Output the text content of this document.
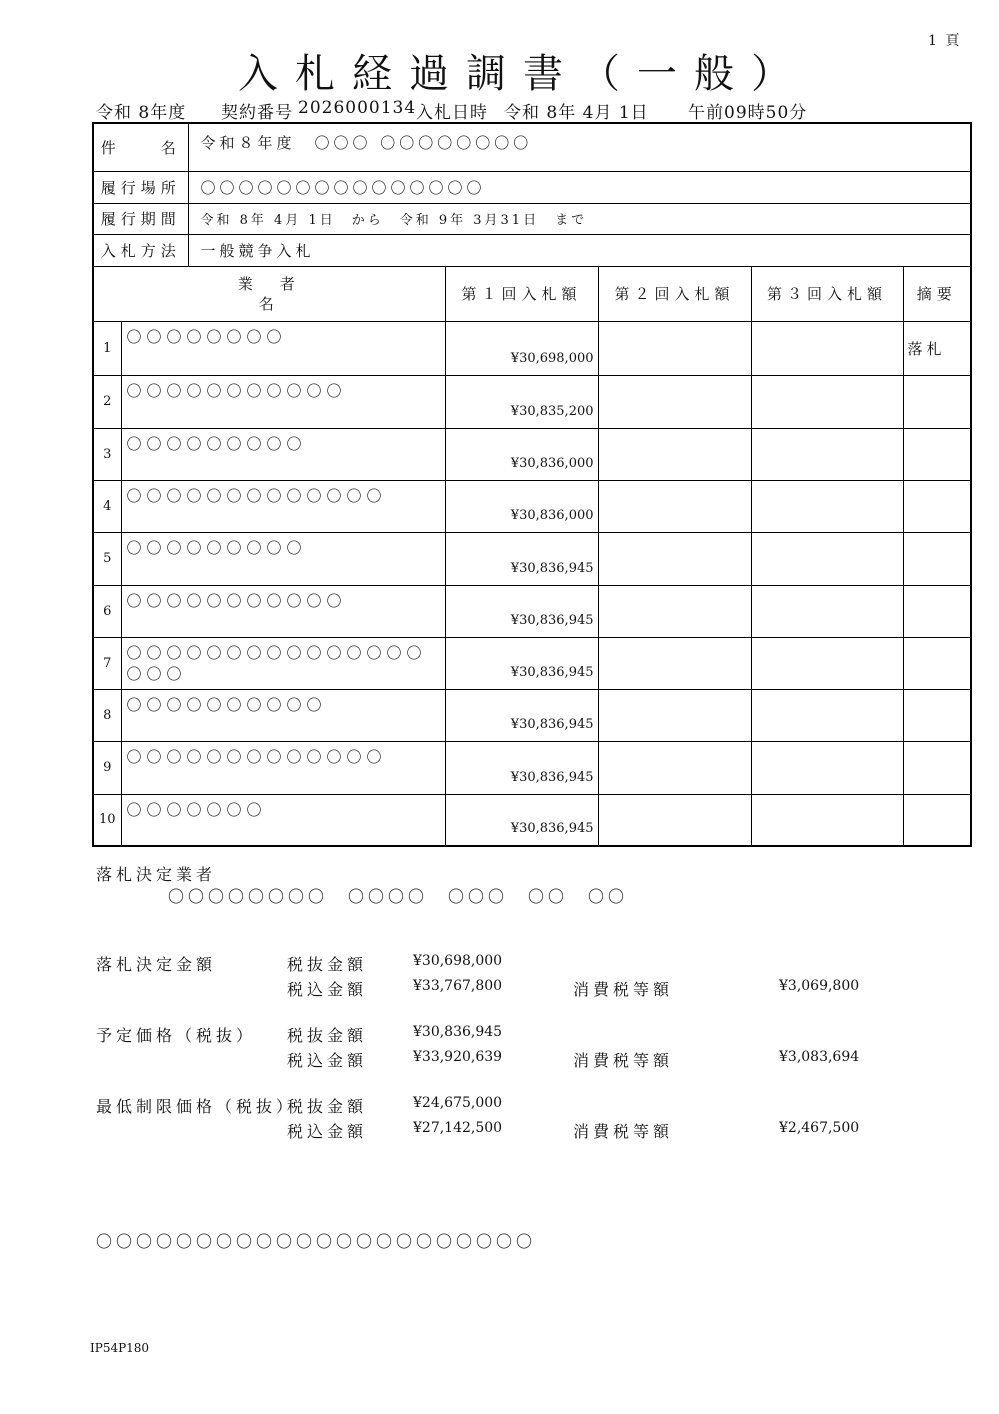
1 頁
入札経過調書（一般）
令和 8年度 契約番号 2026000134 入札日時 令和 8年 4月 1日 午前09時50分
件　　名		令和８年度　〇〇〇 〇〇〇〇〇〇〇〇				
履行場所		〇〇〇〇〇〇〇〇〇〇〇〇〇〇〇				
履行期間		令和 8年 4月 1日　から　令和 9年 3月31日　まで				
入札方法		一般競争入札				

業　者
名			第１回入札額	第２回入札額	第３回入札額	摘要
1	〇〇〇〇〇〇〇〇		¥30,698,000			落札
2	〇〇〇〇〇〇〇〇〇〇〇		¥30,835,200			
3	〇〇〇〇〇〇〇〇〇		¥30,836,000			
4	〇〇〇〇〇〇〇〇〇〇〇〇〇		¥30,836,000			
5	〇〇〇〇〇〇〇〇〇		¥30,836,945			
6	〇〇〇〇〇〇〇〇〇〇〇		¥30,836,945			
7	〇〇〇〇〇〇〇〇〇〇〇〇〇〇〇〇〇〇		¥30,836,945			
8	〇〇〇〇〇〇〇〇〇〇		¥30,836,945			
9	〇〇〇〇〇〇〇〇〇〇〇〇〇		¥30,836,945			
10	〇〇〇〇〇〇〇		¥30,836,945			
落札決定業者
〇〇〇〇〇〇〇〇　〇〇〇〇　〇〇〇　〇〇　〇〇
落札決定金額	税抜金額	¥30,698,000
税込金額	¥33,767,800	消費税等額	¥3,069,800
予定価格（税抜） 税抜金額	¥30,836,945
税込金額	¥33,920,639	消費税等額	¥3,083,694
最低制限価格（税抜）
税抜金額	¥24,675,000
税込金額	¥27,142,500	消費税等額	¥2,467,500
〇〇〇〇〇〇〇〇〇〇〇〇〇〇〇〇〇〇〇〇〇〇
IP54P180
